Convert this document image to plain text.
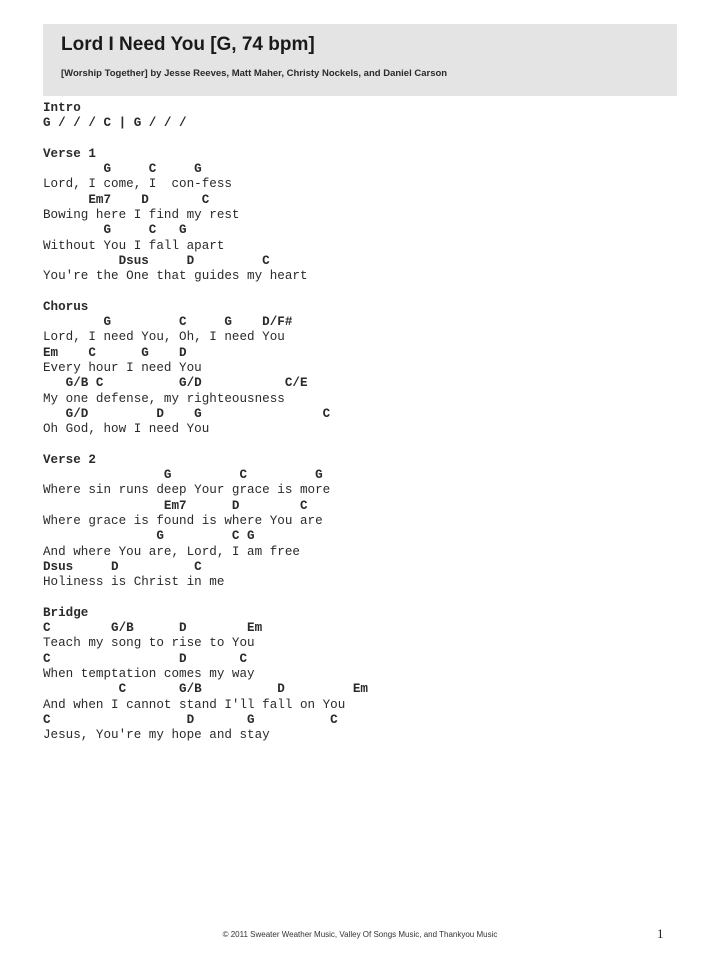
Lord I Need You [G, 74 bpm]
[Worship Together] by Jesse Reeves, Matt Maher, Christy Nockels, and Daniel Carson
Intro
G / / / C | G / / /
Verse 1
G     C     G
Lord, I come, I  con-fess
Em7    D       C
Bowing here I find my rest
G     C   G
Without You I fall apart
Dsus     D         C
You're the One that guides my heart
Chorus
G         C     G    D/F#
Lord, I need You, Oh, I need You
Em    C      G    D
Every hour I need You
G/B C          G/D           C/E
My one defense, my righteousness
G/D         D    G                C
Oh God, how I need You
Verse 2
G         C         G
Where sin runs deep Your grace is more
Em7      D        C
Where grace is found is where You are
G         C G
And where You are, Lord, I am free
Dsus     D          C
Holiness is Christ in me
Bridge
C        G/B      D        Em
Teach my song to rise to You
C                 D       C
When temptation comes my way
C       G/B          D         Em
And when I cannot stand I'll fall on You
C                  D       G          C
Jesus, You're my hope and stay
© 2011 Sweater Weather Music, Valley Of Songs Music, and Thankyou Music	1
